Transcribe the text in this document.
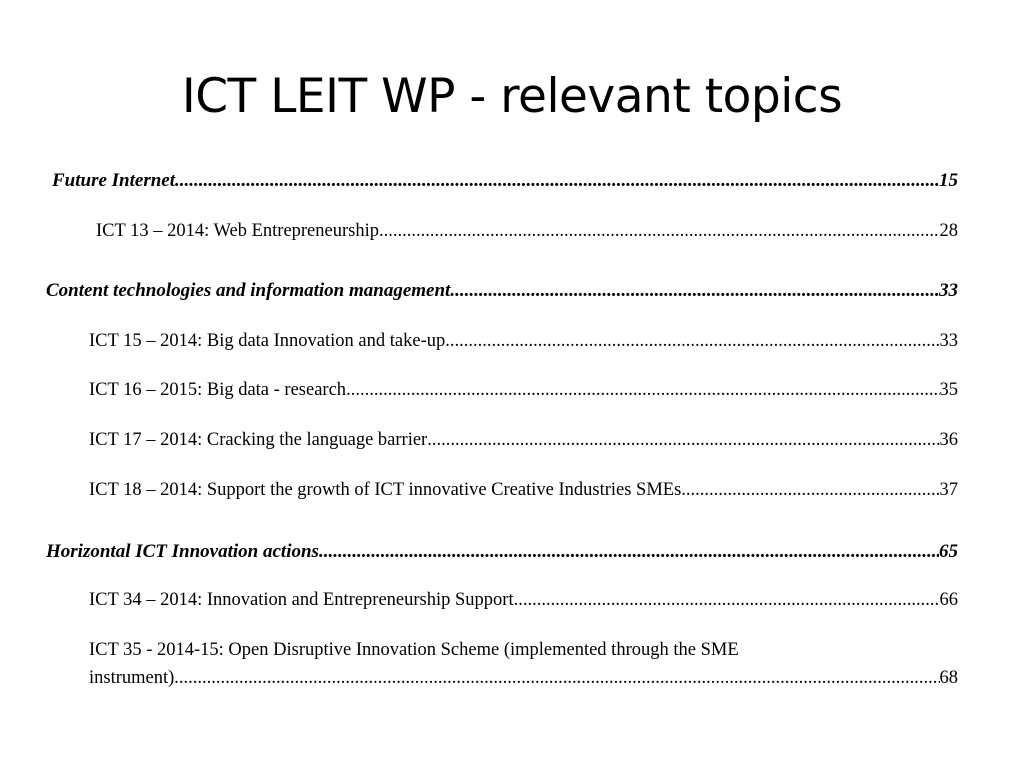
ICT LEIT WP - relevant topics
Future Internet .....	15
ICT 13 – 2014: Web Entrepreneurship .....	28
Content technologies and information management .....	33
ICT 15 – 2014: Big data Innovation and take-up .....	33
ICT 16 – 2015: Big data - research .....	35
ICT 17 – 2014: Cracking the language barrier .....	36
ICT 18 – 2014: Support the growth of ICT innovative Creative Industries SMEs .....	37
Horizontal ICT Innovation actions .....	65
ICT 34 – 2014: Innovation and Entrepreneurship Support .....	66
ICT 35 - 2014-15: Open Disruptive Innovation Scheme (implemented through the SME
instrument) .....	68
